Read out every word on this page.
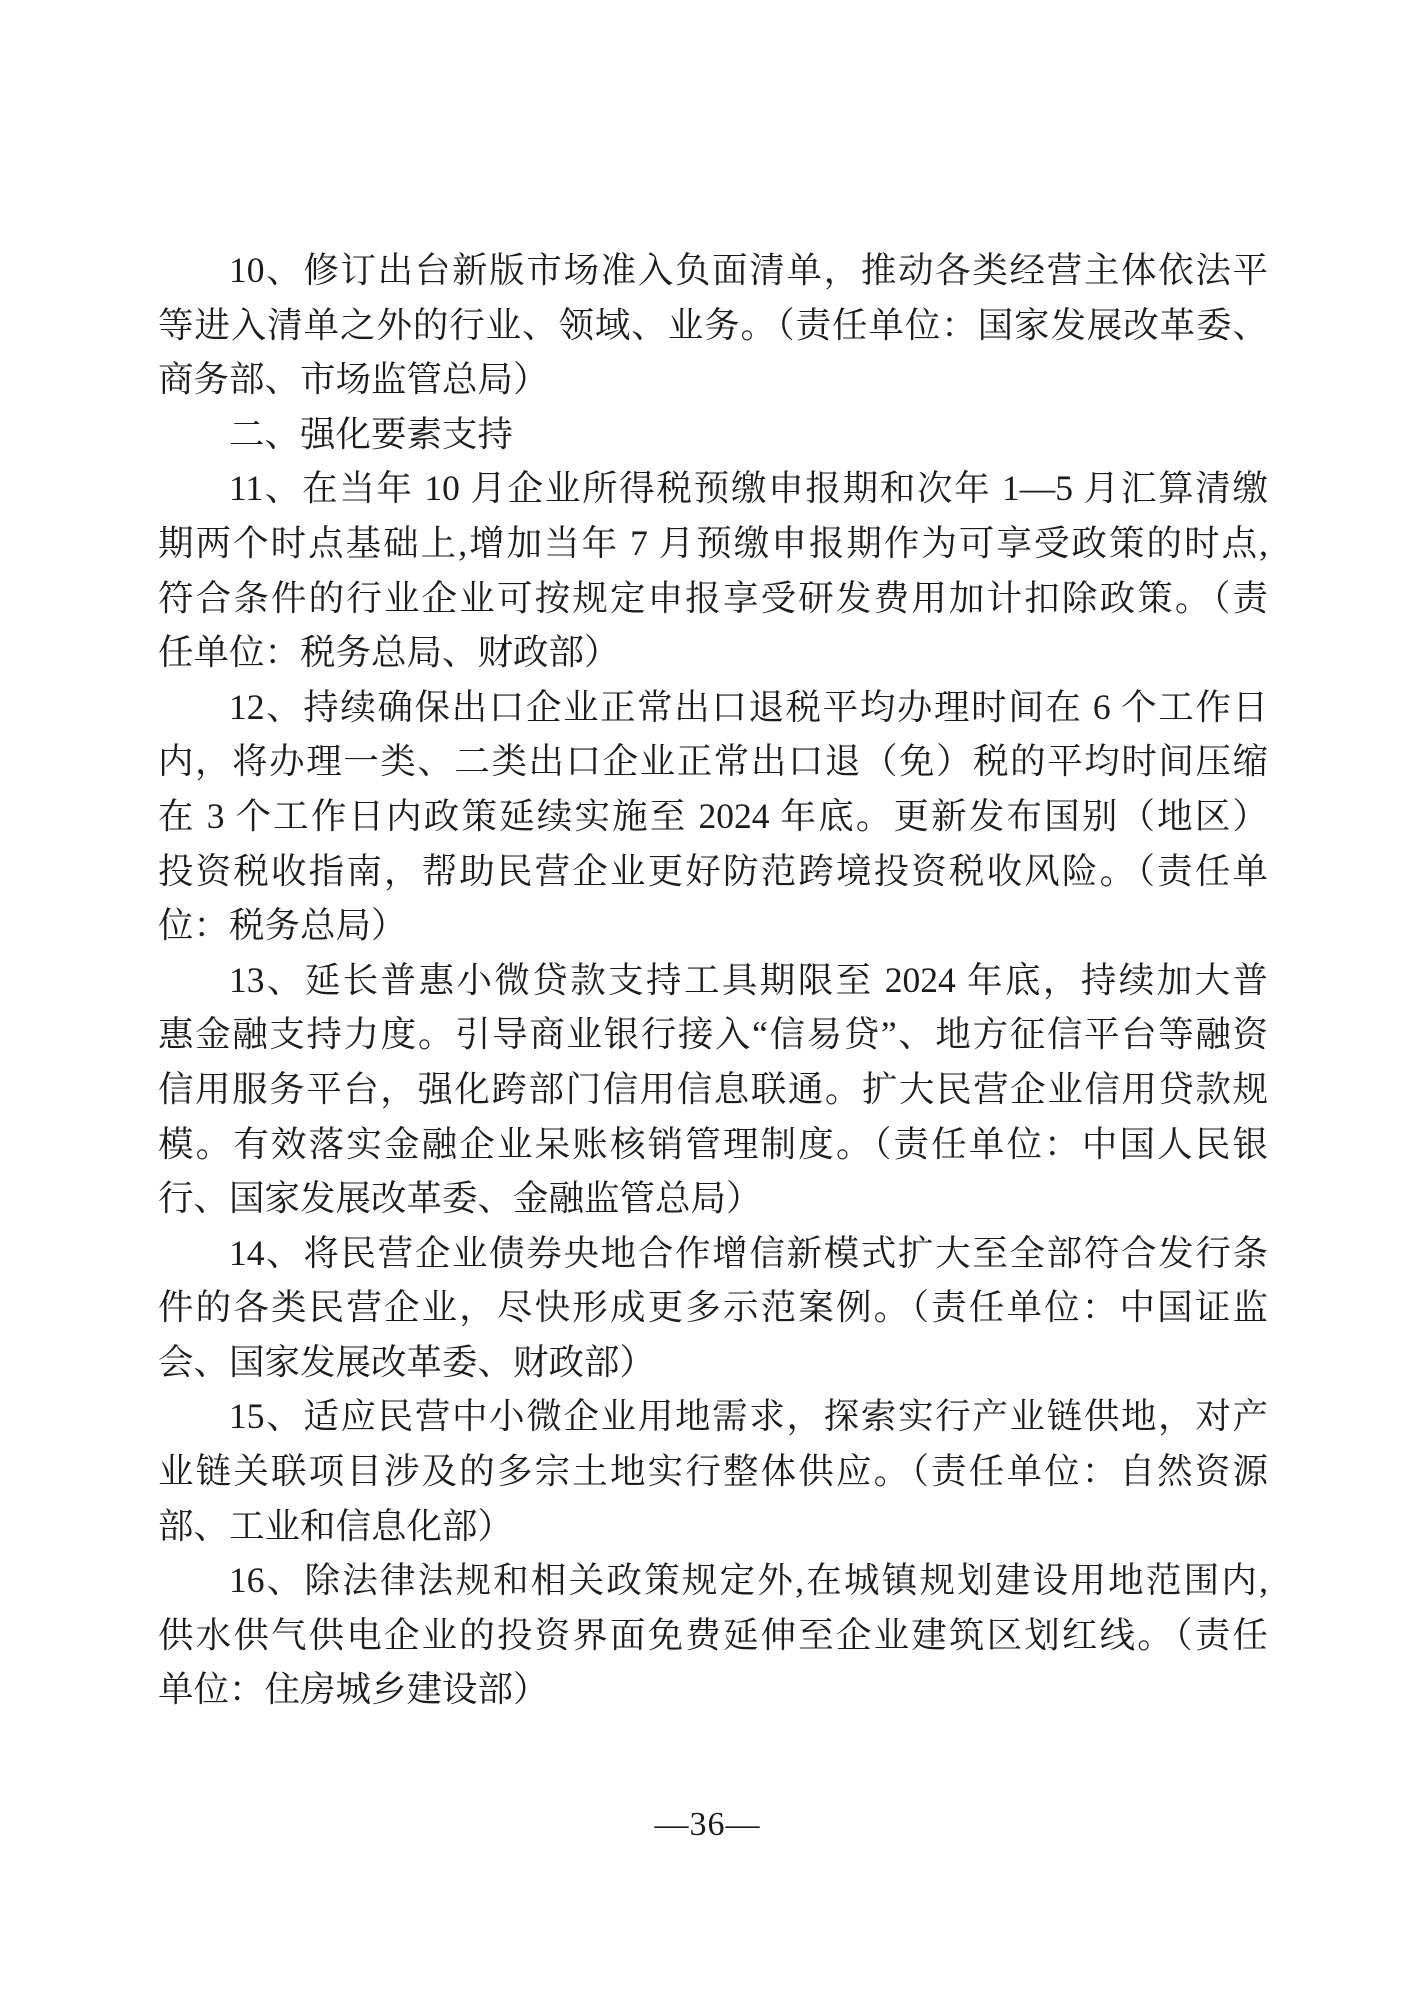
10、修订出台新版市场准入负面清单，推动各类经营主体依法平
等进入清单之外的行业、领域、业务。（责任单位：国家发展改革委、
商务部、市场监管总局）
二、强化要素支持
11、在当年 10 月企业所得税预缴申报期和次年 1—5 月汇算清缴
期两个时点基础上,增加当年 7 月预缴申报期作为可享受政策的时点,
符合条件的行业企业可按规定申报享受研发费用加计扣除政策。（责
任单位：税务总局、财政部）
12、持续确保出口企业正常出口退税平均办理时间在 6 个工作日
内，将办理一类、二类出口企业正常出口退（免）税的平均时间压缩
在 3 个工作日内政策延续实施至 2024 年底。更新发布国别（地区）
投资税收指南，帮助民营企业更好防范跨境投资税收风险。（责任单
位：税务总局）
13、延长普惠小微贷款支持工具期限至 2024 年底，持续加大普
惠金融支持力度。引导商业银行接入“信易贷”、地方征信平台等融资
信用服务平台，强化跨部门信用信息联通。扩大民营企业信用贷款规
模。有效落实金融企业呆账核销管理制度。（责任单位：中国人民银
行、国家发展改革委、金融监管总局）
14、将民营企业债券央地合作增信新模式扩大至全部符合发行条
件的各类民营企业，尽快形成更多示范案例。（责任单位：中国证监
会、国家发展改革委、财政部）
15、适应民营中小微企业用地需求，探索实行产业链供地，对产
业链关联项目涉及的多宗土地实行整体供应。（责任单位：自然资源
部、工业和信息化部）
16、除法律法规和相关政策规定外,在城镇规划建设用地范围内,
供水供气供电企业的投资界面免费延伸至企业建筑区划红线。（责任
单位：住房城乡建设部）
—36—
